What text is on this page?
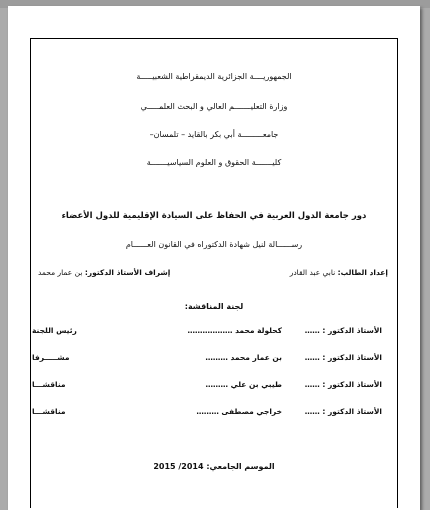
الجمهوريــــة الجزائرية الديمقراطية الشعبيـــــة
وزارة التعليـــــــم العالي و البحث العلمـــــي
جامعـــــــــة أبي بكر بالقايد – تلمسان–
كليـــــــة الحقوق و العلوم السياسيـــــــة
دور جامعة الدول العربية في الحفاظ على السيادة الإقليمية للدول الأعضاء
رســــــالة لنيل شهادة الدكتوراه في القانون العــــــام
إعداد الطالب: نابي عبد القادر
إشراف الأستاذ الدكتور: بن عمار محمد
لجنة المناقشة:
الأستاذ الدكتور : ……
كحلولة محمد ………………
رئيس اللجنة
الأستاذ الدكتور : ……
بن عمار محمد ………
مشـــــرفا
الأستاذ الدكتور : ……
طيبي بن علي ………
مناقشـــا
الأستاذ الدكتور : ……
خراجي مصطفى ………
مناقشـــا
الموسم الجامعي: 2014/ 2015
